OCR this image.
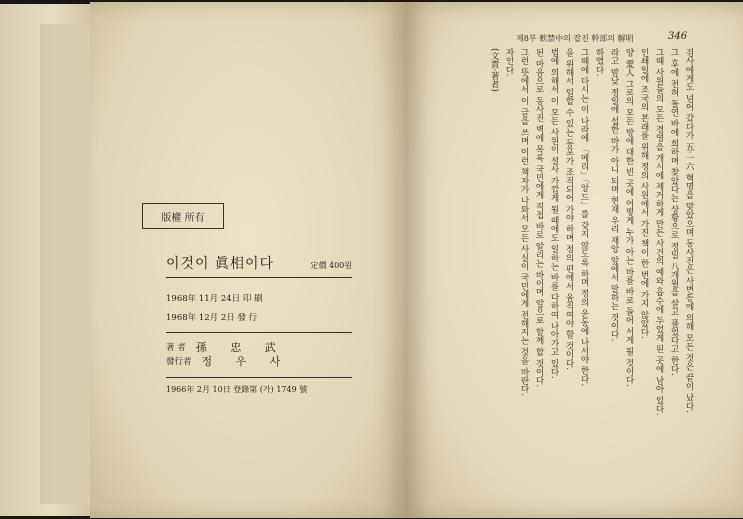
版權 所有
이것이 眞相이다	定價 400원
1968年 11月 24日 印 刷
1968年 12月 2日 發 行
著 者 孫 忠 武
發行者 정 우 사
1966年 2月 10日 登錄第 (가) 1749 號
제8부 軟禁中의 잡진 幹部의 解明	346
검사에게도 넘어 갔다가 五·一六 혁명을 맞았으며 동사진은 사변등에 의해 모든 것은 끝이 났다.
그 후에 전혀 돌연 바에 희하며 찾았다는 상황으로 정밀 八개월을 살고 풀었다고 한다.
그때 사원들의 모든 경영을 개시에 제거하게 만든 사건의 예와 흡수에 두었게 된 곳에 남아 있다.
인쇄일에 조국의 본래를 위해 정의 사원에서 가진 책이 한 번에 가지 않았다.
양 愛人 그로의 모든 방에 대한 빈 곳에 어떻게 누가 아는 바를 바로 들어 서게 될 것이다.
라고 밤낮 정일에 섭한 바가 아니 되며 현재 우리 재앙 앞에서 말하는 것이다.
하였다.
그때에 다시는 이 나라에 「메리」「앙드」를 갖지 않도록 하며 정의 운동에 나서야 한다.
을 위해서 일할 수 있는 동포가 조직되어 가야 하며 정의 편에서 움직여야 할 것이다.
법에 의해서 이 모든 사원이 설사 가깝게 될 때에도 일하는 바를 다하여 나아가고 있다.
된 마음으로 동사진 벽에 목록 국민에게 직접 바로 알리는 바이며 앞으로 함께 할 것이다.
그런 뜻에서 이 글을 쓰며 이런 책자가 나와서 모든 사실이 국민에게 전해지는 것을 바란다.
자인다.
(文責·著者)
